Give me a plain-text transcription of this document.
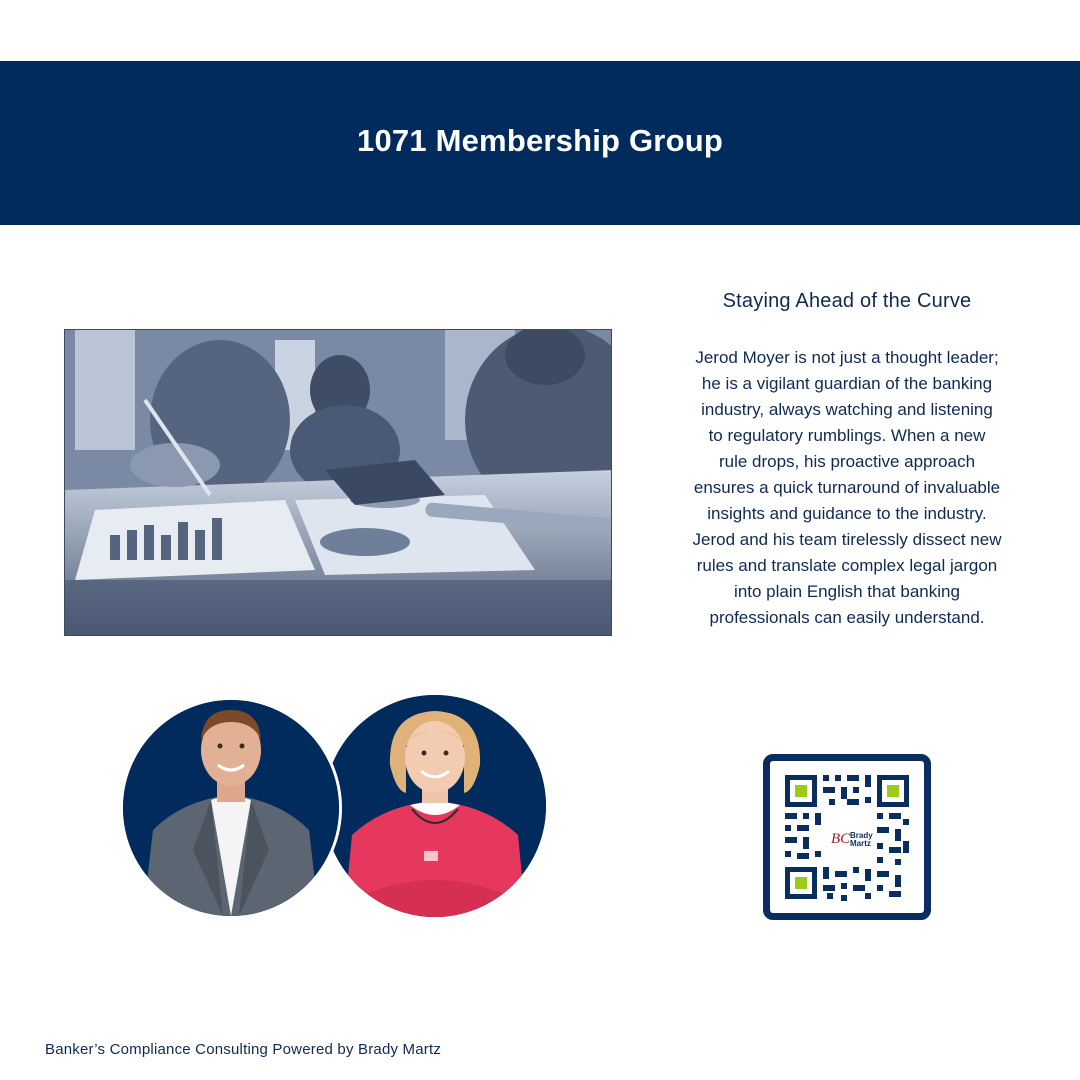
1071 Membership Group
Staying Ahead of the Curve
Jerod Moyer is not just a thought leader;
he is a vigilant guardian of the banking
industry, always watching and listening
to regulatory rumblings. When a new
rule drops, his proactive approach
ensures a quick turnaround of invaluable
insights and guidance to the industry.
Jerod and his team tirelessly dissect new
rules and translate complex legal jargon
into plain English that banking
professionals can easily understand.
BC Brady
Martz
Banker’s Compliance Consulting Powered by Brady Martz
